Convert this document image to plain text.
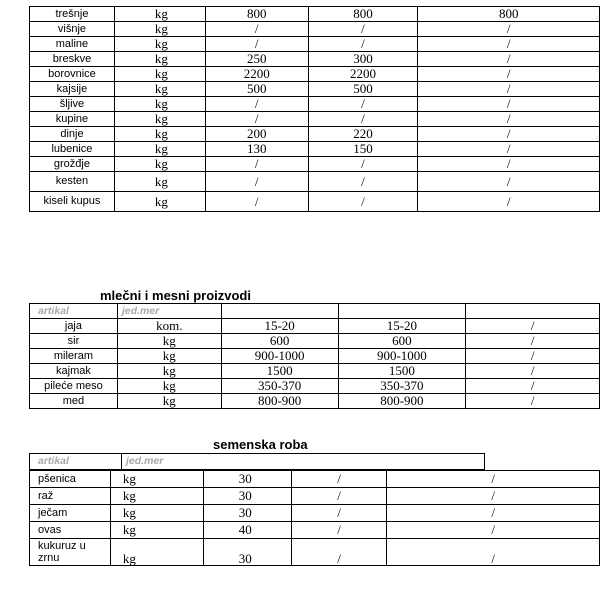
trešnje	kg	800	800	800
višnje	kg	/	/	/
maline	kg	/	/	/
breskve	kg	250	300	/
borovnice	kg	2200	2200	/
kajsije	kg	500	500	/
šljive	kg	/	/	/
kupine	kg	/	/	/
dinje	kg	200	220	/
lubenice	kg	130	150	/
grožđje	kg	/	/	/
kesten	kg	/	/	/
kiseli kupus	kg	/	/	/
mlečni i mesni proizvodi
artikal	jed.mer			
jaja	kom.	15-20	15-20	/
sir	kg	600	600	/
mileram	kg	900-1000	900-1000	/
kajmak	kg	1500	1500	/
pileće meso	kg	350-370	350-370	/
med	kg	800-900	800-900	/
semenska roba
artikal	jed.mer
pšenica	kg	30	/	/
raž	kg	30	/	/
ječam	kg	30	/	/
ovas	kg	40	/	/
kukuruz u zrnu	kg	30	/	/
